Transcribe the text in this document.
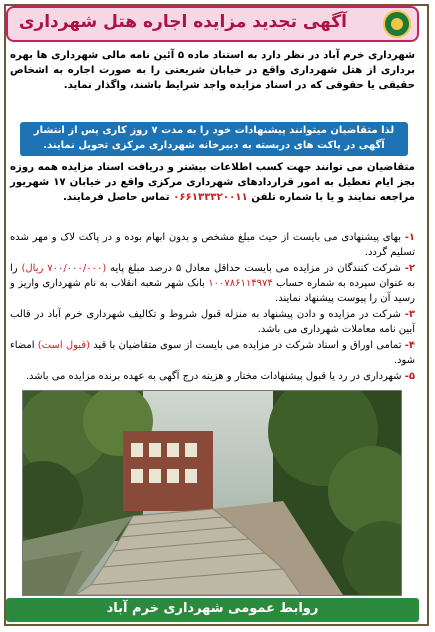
آگهی تجدید مزایده اجاره هتل شهرداری
شهرداری خرم آباد در نظر دارد به استناد ماده ۵ آئین نامه مالی شهرداری ها بهره برداری از هتل شهرداری واقع در خیابان شریعتی را به صورت اجاره به اشخاص حقیقی یا حقوقی که در اسناد مزایده واجد شرایط باشند، واگذار نماید.
لذا متقاضیان میتوانند پیشنهادات خود را به مدت ۷ روز کاری پس از انتشار آگهی در پاکت های دربسته به دبیرخانه شهرداری مرکزی تحویل نمایند.
متقاضیان می توانند جهت کسب اطلاعات بیشتر و دریافت اسناد مزایده همه روزه بجز ایام تعطیل به امور قراردادهای شهرداری مرکزی واقع در خیابان ۱۷ شهریور مراجعه نمایند و یا با شماره تلفن ۰۶۶۱۳۳۳۲۰۰۱۱ تماس حاصل فرمایند.

۱- بهای پیشنهادی می بایست از حیث مبلغ مشخص و بدون ابهام بوده و در پاکت لاک و مهر شده تسلیم گردد.

۲- شرکت کنندگان در مزایده می بایست حداقل معادل ۵ درصد مبلغ پایه (۷۰۰/۰۰۰/۰۰۰ ریال) را به عنوان سپرده به شماره حساب ۱۰۰۷۸۶۱۱۴۹۷۴ بانک شهر شعبه انقلاب به نام شهرداری واریز و رسید آن را پیوست پیشنهاد نمایند.

۳- شرکت در مزایده و دادن پیشنهاد به منزله قبول شروط و تکالیف شهرداری خرم آباد در قالب آیین نامه معاملات شهرداری می باشد.

۴- تمامی اوراق و اسناد شرکت در مزایده می بایست از سوی متقاضیان با قید (قبول است) امضاء شود.

۵- شهرداری در رد یا قبول پیشنهادات مختار و هزینه درج آگهی به عهده برنده مزایده می باشد.

روابط عمومی شهرداری خرم آباد
